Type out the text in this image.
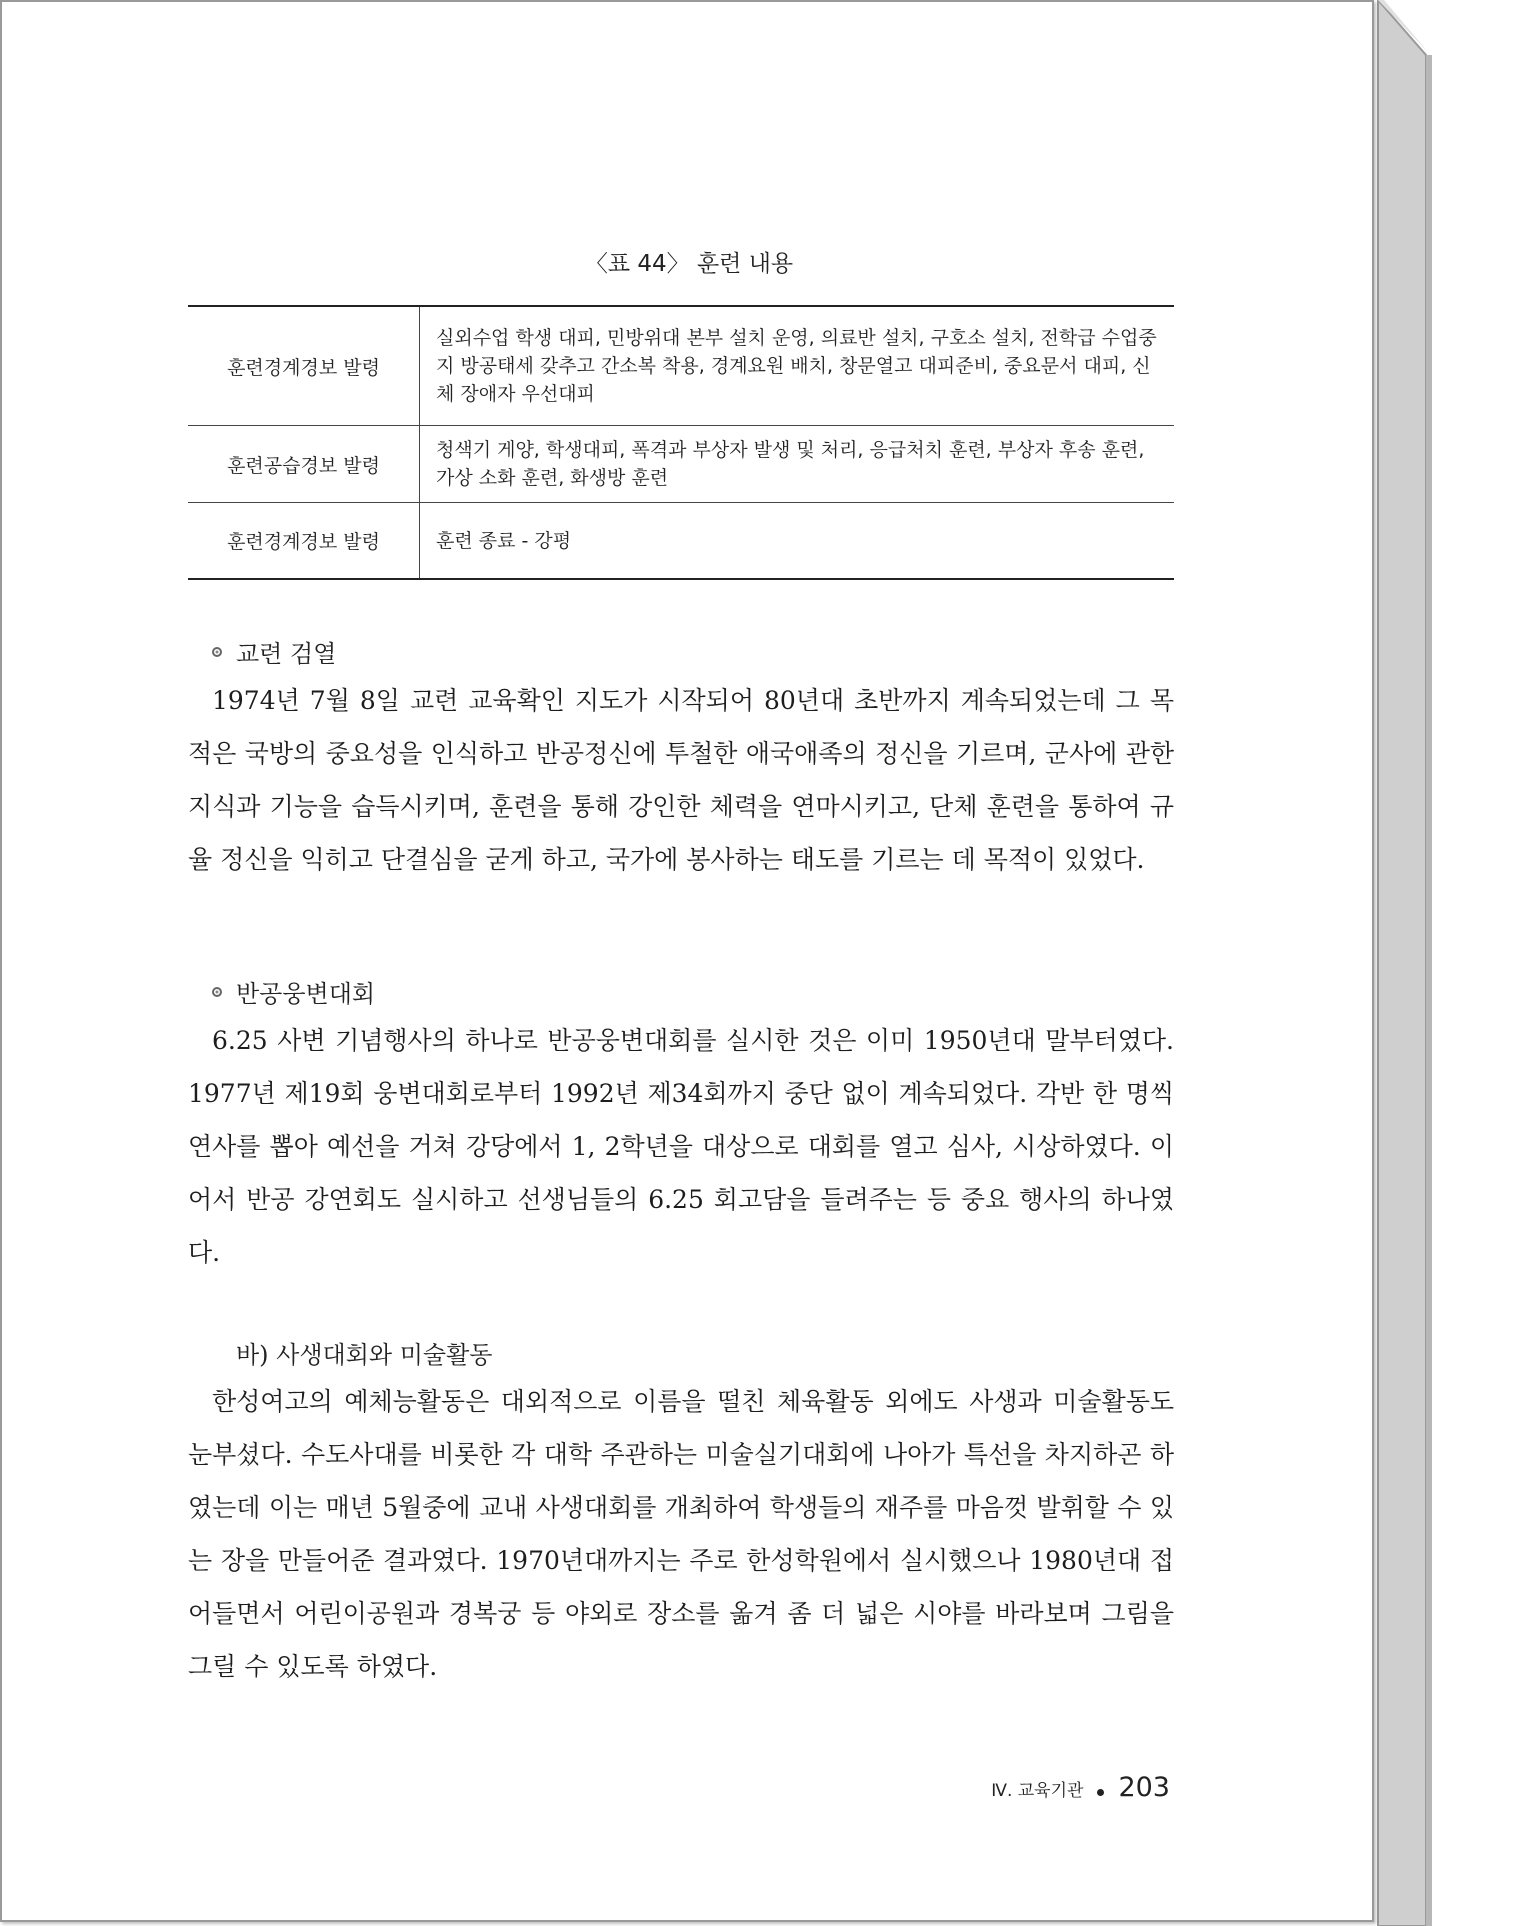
〈표 44〉 훈련 내용
훈련경계경보 발령
실외수업 학생 대피, 민방위대 본부 설치 운영, 의료반 설치, 구호소 설치, 전학급 수업중지 방공태세 갖추고 간소복 착용, 경계요원 배치, 창문열고 대피준비, 중요문서 대피, 신체 장애자 우선대피
훈련공습경보 발령
청색기 게양, 학생대피, 폭격과 부상자 발생 및 처리, 응급처치 훈련, 부상자 후송 훈련, 가상 소화 훈련, 화생방 훈련
훈련경계경보 발령	훈련 종료 - 강평
교련 검열

1974년 7월 8일 교련 교육확인 지도가 시작되어 80년대 초반까지 계속되었는데 그 목적은 국방의 중요성을 인식하고 반공정신에 투철한 애국애족의 정신을 기르며, 군사에 관한 지식과 기능을 습득시키며, 훈련을 통해 강인한 체력을 연마시키고, 단체 훈련을 통하여 규율 정신을 익히고 단결심을 굳게 하고, 국가에 봉사하는 태도를 기르는 데 목적이 있었다.

반공웅변대회

6.25 사변 기념행사의 하나로 반공웅변대회를 실시한 것은 이미 1950년대 말부터였다. 1977년 제19회 웅변대회로부터 1992년 제34회까지 중단 없이 계속되었다. 각반 한 명씩 연사를 뽑아 예선을 거쳐 강당에서 1, 2학년을 대상으로 대회를 열고 심사, 시상하였다. 이어서 반공 강연회도 실시하고 선생님들의 6.25 회고담을 들려주는 등 중요 행사의 하나였다.

바) 사생대회와 미술활동

한성여고의 예체능활동은 대외적으로 이름을 떨친 체육활동 외에도 사생과 미술활동도 눈부셨다. 수도사대를 비롯한 각 대학 주관하는 미술실기대회에 나아가 특선을 차지하곤 하였는데 이는 매년 5월중에 교내 사생대회를 개최하여 학생들의 재주를 마음껏 발휘할 수 있는 장을 만들어준 결과였다. 1970년대까지는 주로 한성학원에서 실시했으나 1980년대 접어들면서 어린이공원과 경복궁 등 야외로 장소를 옮겨 좀 더 넓은 시야를 바라보며 그림을 그릴 수 있도록 하였다.

Ⅳ. 교육기관 203
